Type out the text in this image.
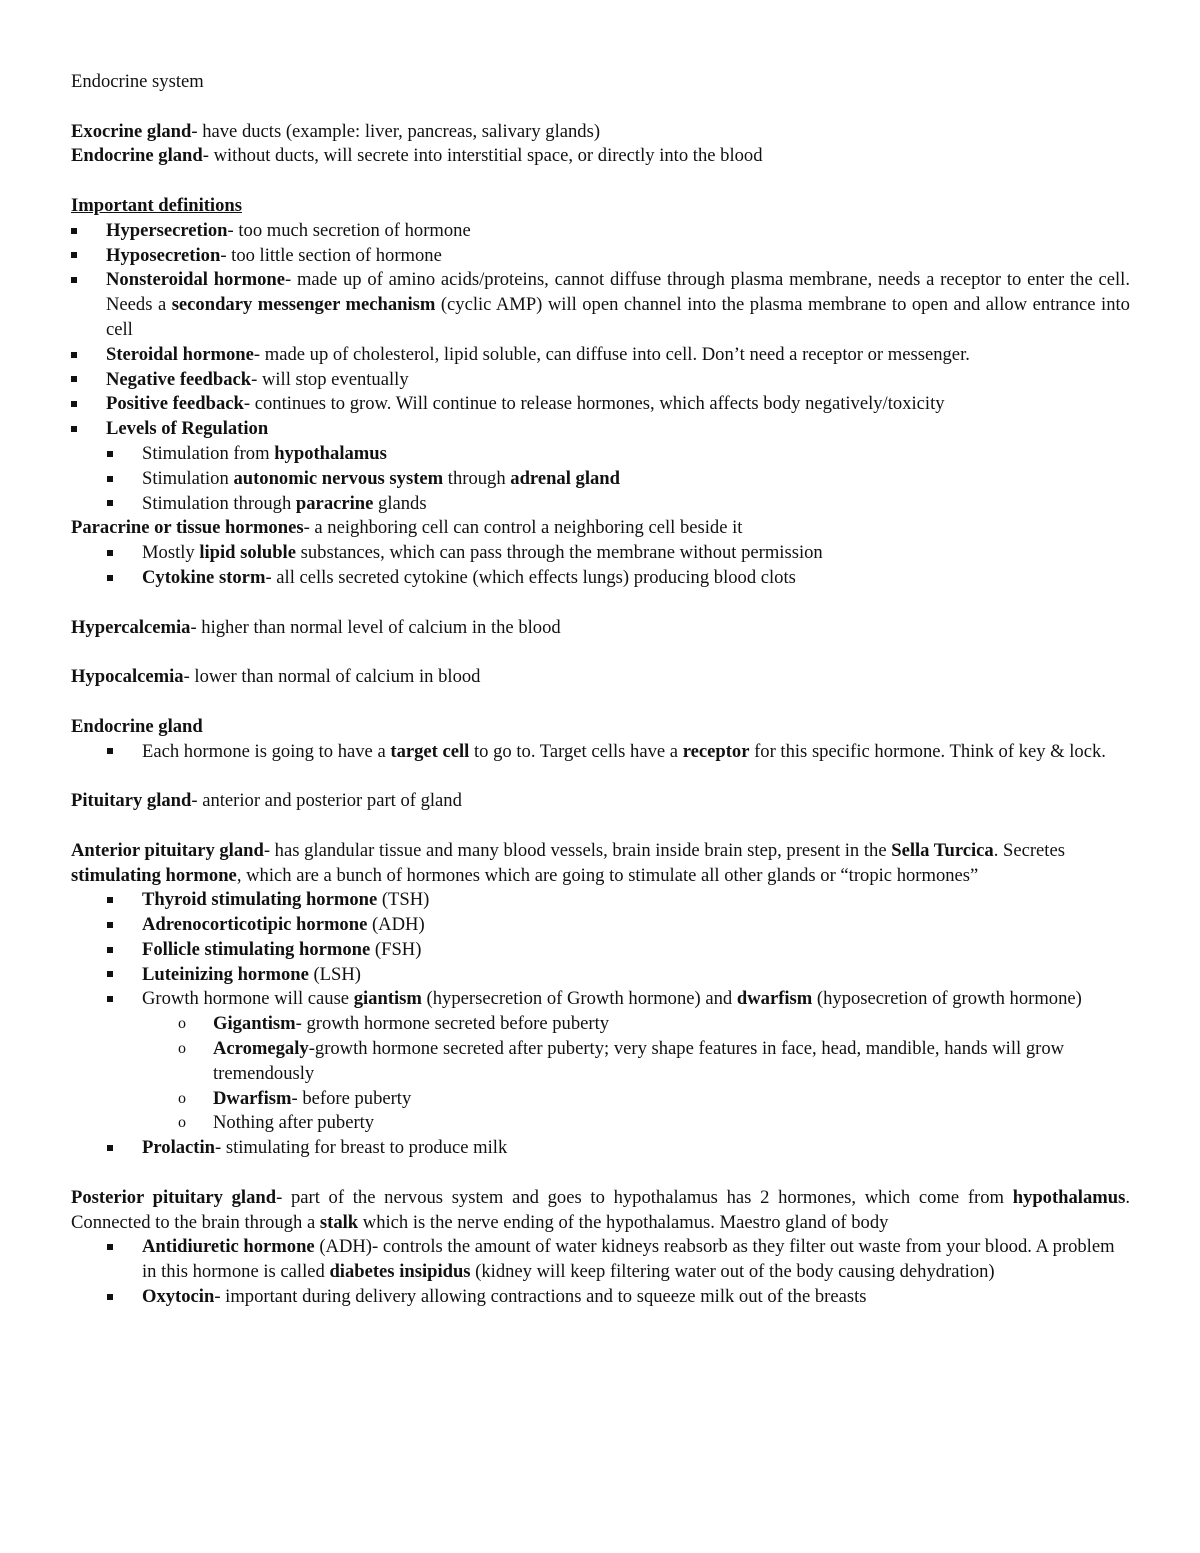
Endocrine system

Exocrine gland- have ducts (example: liver, pancreas, salivary glands)

Endocrine gland- without ducts, will secrete into interstitial space, or directly into the blood

Important definitions

Hypersecretion- too much secretion of hormone
Hyposecretion- too little section of hormone
Nonsteroidal hormone- made up of amino acids/proteins, cannot diffuse through plasma membrane, needs a receptor to enter the cell. Needs a secondary messenger mechanism (cyclic AMP) will open channel into the plasma membrane to open and allow entrance into cell
Steroidal hormone- made up of cholesterol, lipid soluble, can diffuse into cell. Don’t need a receptor or messenger.
Negative feedback- will stop eventually
Positive feedback- continues to grow. Will continue to release hormones, which affects body negatively/toxicity
Levels of Regulation
Stimulation from hypothalamus
Stimulation autonomic nervous system through adrenal gland
Stimulation through paracrine glands

Paracrine or tissue hormones- a neighboring cell can control a neighboring cell beside it

Mostly lipid soluble substances, which can pass through the membrane without permission
Cytokine storm- all cells secreted cytokine (which effects lungs) producing blood clots

Hypercalcemia- higher than normal level of calcium in the blood

Hypocalcemia- lower than normal of calcium in blood

Endocrine gland

Each hormone is going to have a target cell to go to. Target cells have a receptor for this specific hormone. Think of key & lock.

Pituitary gland- anterior and posterior part of gland

Anterior pituitary gland- has glandular tissue and many blood vessels, brain inside brain step, present in the Sella Turcica. Secretes stimulating hormone, which are a bunch of hormones which are going to stimulate all other glands or “tropic hormones”

Thyroid stimulating hormone (TSH)
Adrenocorticotipic hormone (ADH)
Follicle stimulating hormone (FSH)
Luteinizing hormone (LSH)
Growth hormone will cause giantism (hypersecretion of Growth hormone) and dwarfism (hyposecretion of growth hormone)
o	Gigantism- growth hormone secreted before puberty
o	Acromegaly-growth hormone secreted after puberty; very shape features in face, head, mandible, hands will grow tremendously
o	Dwarfism- before puberty
o	Nothing after puberty
Prolactin- stimulating for breast to produce milk

Posterior pituitary gland- part of the nervous system and goes to hypothalamus has 2 hormones, which come from hypothalamus. Connected to the brain through a stalk which is the nerve ending of the hypothalamus. Maestro gland of body

Antidiuretic hormone (ADH)- controls the amount of water kidneys reabsorb as they filter out waste from your blood. A problem in this hormone is called diabetes insipidus (kidney will keep filtering water out of the body causing dehydration)
Oxytocin- important during delivery allowing contractions and to squeeze milk out of the breasts
